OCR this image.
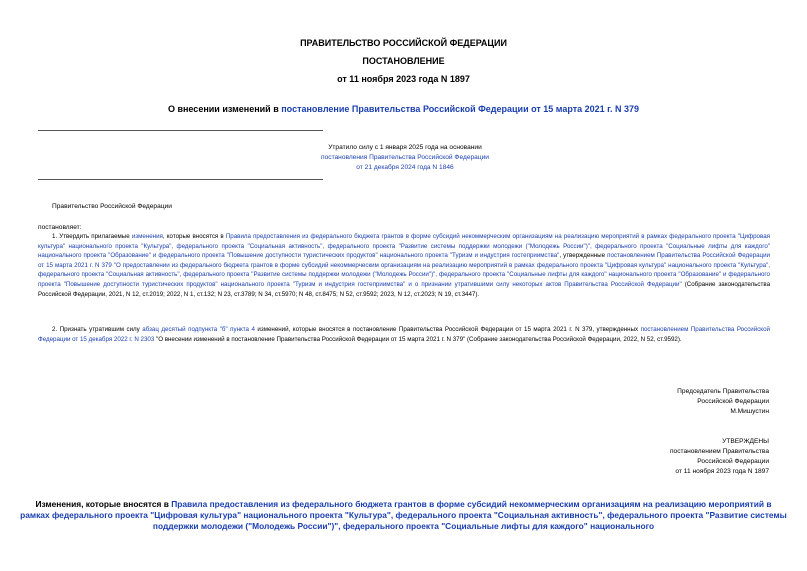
ПРАВИТЕЛЬСТВО РОССИЙСКОЙ ФЕДЕРАЦИИ
ПОСТАНОВЛЕНИЕ
от 11 ноября 2023 года N 1897
О внесении изменений в постановление Правительства Российской Федерации от 15 марта 2021 г. N 379
Утратило силу с 1 января 2025 года на основании
постановления Правительства Российской Федерации
от 21 декабря 2024 года N 1846
Правительство Российской Федерации
постановляет:

1. Утвердить прилагаемые изменения, которые вносятся в Правила предоставления из федерального бюджета грантов в форме субсидий некоммерческим организациям на реализацию мероприятий в рамках федерального проекта "Цифровая культура" национального проекта "Культура", федерального проекта "Социальная активность", федерального проекта "Развитие системы поддержки молодежи ("Молодежь России")", федерального проекта "Социальные лифты для каждого" национального проекта "Образование" и федерального проекта "Повышение доступности туристических продуктов" национального проекта "Туризм и индустрия гостеприимства", утвержденные постановлением Правительства Российской Федерации от 15 марта 2021 г. N 379 "О предоставлении из федерального бюджета грантов в форме субсидий некоммерческим организациям на реализацию мероприятий в рамках федерального проекта "Цифровая культура" национального проекта "Культура", федерального проекта "Социальная активность", федерального проекта "Развитие системы поддержки молодежи ("Молодежь России")", федерального проекта "Социальные лифты для каждого" национального проекта "Образование" и федерального проекта "Повышение доступности туристических продуктов" национального проекта "Туризм и индустрия гостеприимства" и о признании утратившими силу некоторых актов Правительства Российской Федерации" (Собрание законодательства Российской Федерации, 2021, N 12, ст.2019; 2022, N 1, ст.132; N 23, ст.3789; N 34, ст.5970; N 48, ст.8475; N 52, ст.9592; 2023, N 12, ст.2023; N 19, ст.3447).

2. Признать утратившим силу абзац десятый подпункта "б" пункта 4 изменений, которые вносятся в постановление Правительства Российской Федерации от 15 марта 2021 г. N 379, утвержденных постановлением Правительства Российской Федерации от 15 декабря 2022 г. N 2303 "О внесении изменений в постановление Правительства Российской Федерации от 15 марта 2021 г. N 379" (Собрание законодательства Российской Федерации, 2022, N 52, ст.9592).

Председатель Правительства
Российской Федерации
М.Мишустин
УТВЕРЖДЕНЫ
постановлением Правительства
Российской Федерации
от 11 ноября 2023 года N 1897
Изменения, которые вносятся в Правила предоставления из федерального бюджета грантов в форме субсидий некоммерческим организациям на реализацию мероприятий в рамках федерального проекта "Цифровая культура" национального проекта "Культура", федерального проекта "Социальная активность", федерального проекта "Развитие системы поддержки молодежи ("Молодежь России")", федерального проекта "Социальные лифты для каждого" национального
